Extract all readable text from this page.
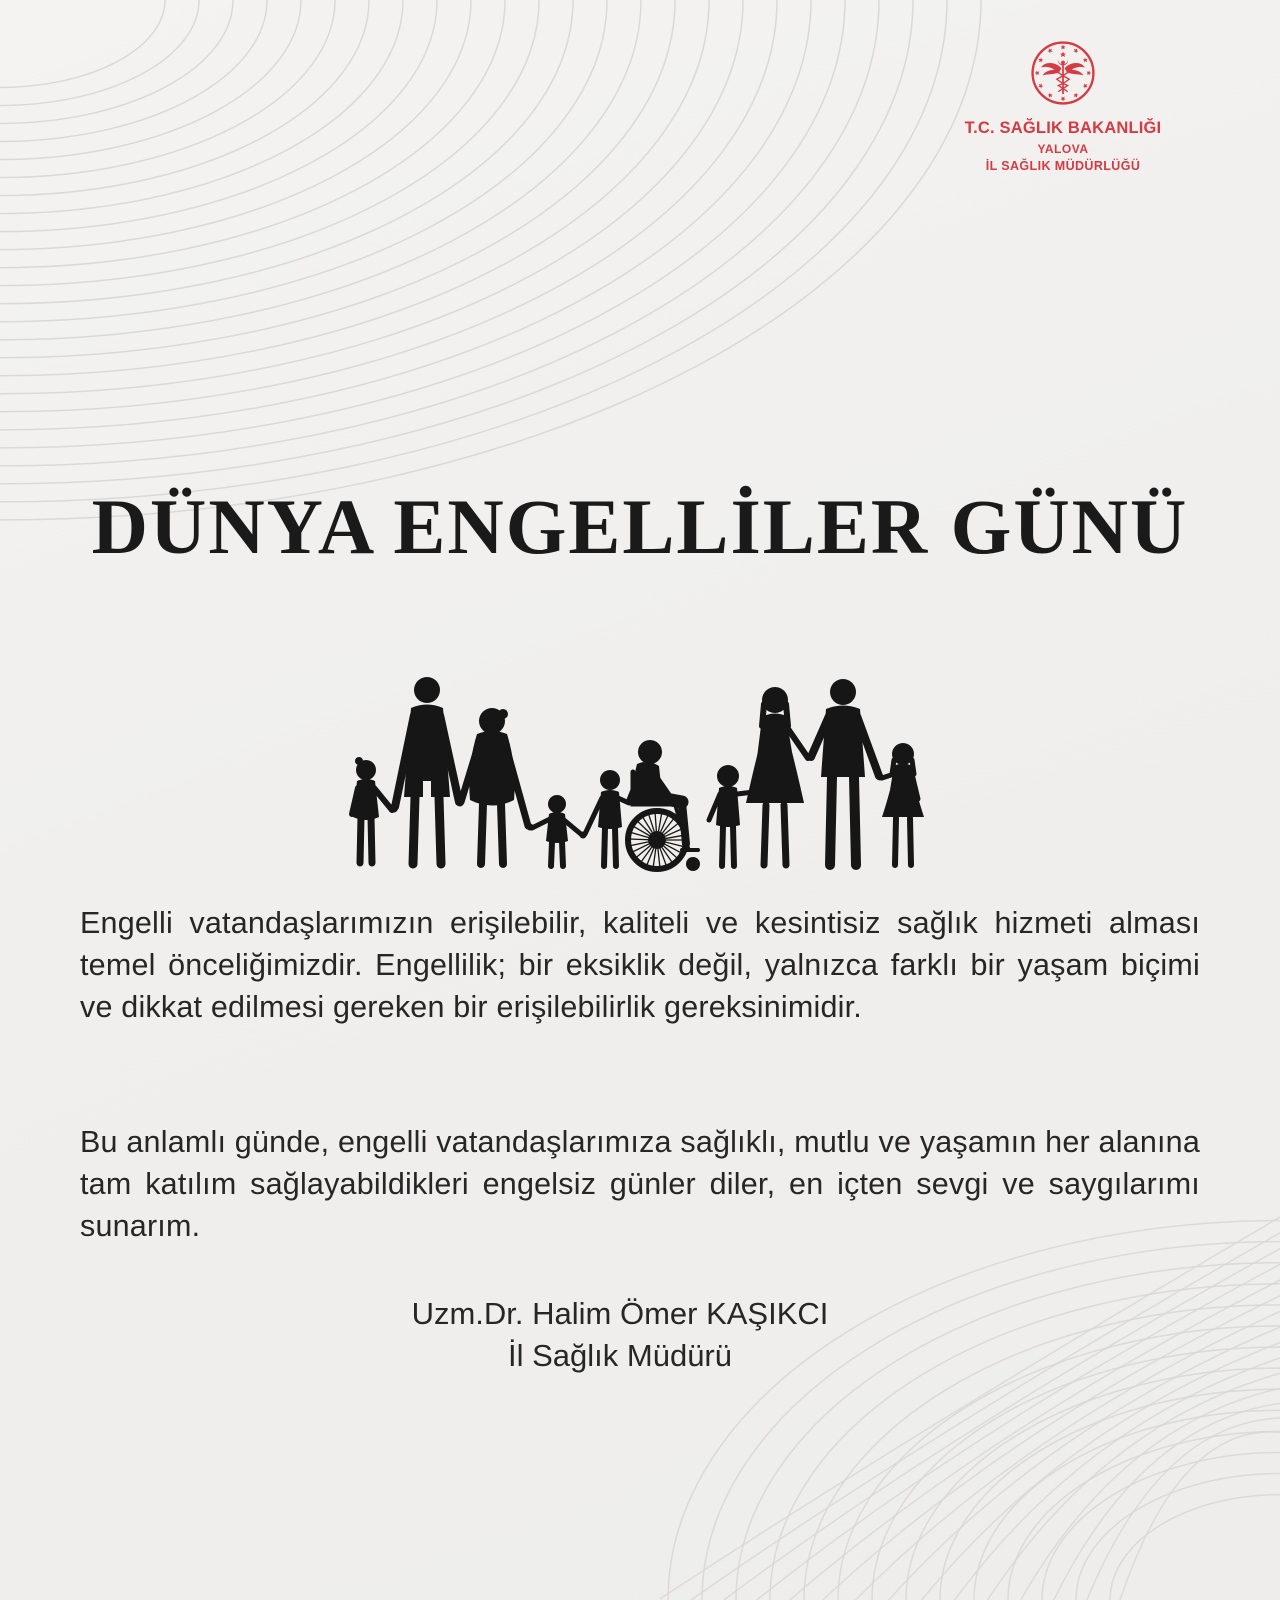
T.C. SAĞLIK BAKANLIĞI
YALOVA
İL SAĞLIK MÜDÜRLÜĞÜ
DÜNYA ENGELLİLER GÜNÜ

Engelli vatandaşlarımızın erişilebilir, kaliteli ve kesintisiz sağlık hizmeti alması temel önceliğimizdir. Engellilik; bir eksiklik değil, yalnızca farklı bir yaşam biçimi ve dikkat edilmesi gereken bir erişilebilirlik gereksinimidir.

Bu anlamlı günde, engelli vatandaşlarımıza sağlıklı, mutlu ve yaşamın her alanına tam katılım sağlayabildikleri engelsiz günler diler, en içten sevgi ve saygılarımı sunarım.

Uzm.Dr. Halim Ömer KAŞIKCI
İl Sağlık Müdürü
